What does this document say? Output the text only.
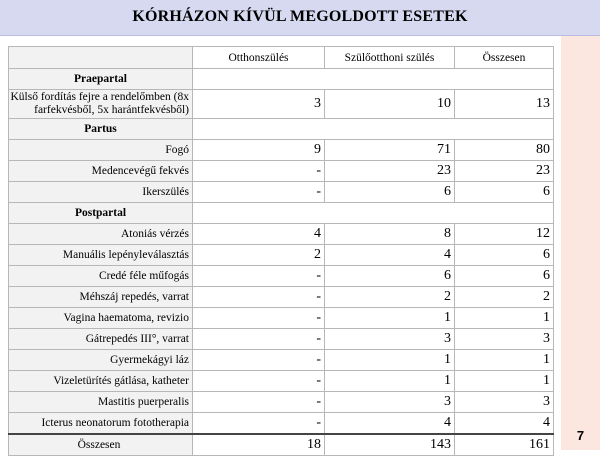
KÓRHÁZON KÍVÜL MEGOLDOTT ESETEK
7
	Otthonszülés	Szülőotthoni szülés	Összesen
Praepartal			
Külső fordítás fejre a rendelőmben (8x farfekvésből, 5x harántfekvésből)	3	10	13
Partus			
Fogó	9	71	80
Medencevégű fekvés	-	23	23
Ikerszülés	-	6	6
Postpartal			
Atoniás vérzés	4	8	12
Manuális lepényleválasztás	2	4	6
Credé féle műfogás	-	6	6
Méhszáj repedés, varrat	-	2	2
Vagina haematoma, revizio	-	1	1
Gátrepedés III°, varrat	-	3	3
Gyermekágyi láz	-	1	1
Vizeletürítés gátlása, katheter	-	1	1
Mastitis puerperalis	-	3	3
Icterus neonatorum fototherapia	-	4	4
Összesen	18	143	161
